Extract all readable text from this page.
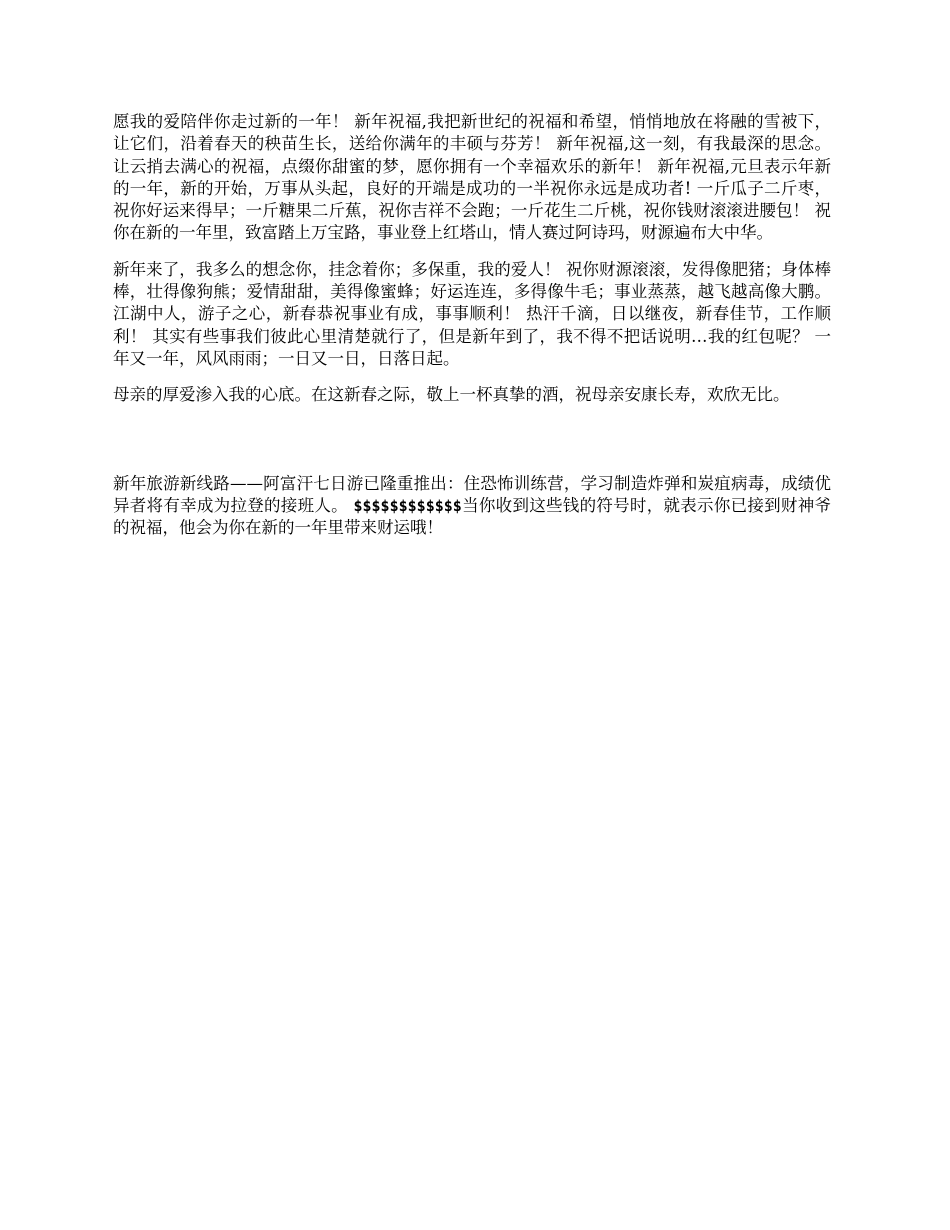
愿我的爱陪伴你走过新的一年！ 新年祝福,我把新世纪的祝福和希望，悄悄地放在将融的雪被下，让它们，沿着春天的秧苗生长，送给你满年的丰硕与芬芳！ 新年祝福,这一刻，有我最深的思念。让云捎去满心的祝福，点缀你甜蜜的梦，愿你拥有一个幸福欢乐的新年！ 新年祝福,元旦表示年新的一年，新的开始，万事从头起，良好的开端是成功的一半祝你永远是成功者! 一斤瓜子二斤枣，祝你好运来得早；一斤糖果二斤蕉，祝你吉祥不会跑；一斤花生二斤桃，祝你钱财滚滚进腰包！ 祝你在新的一年里，致富踏上万宝路，事业登上红塔山，情人赛过阿诗玛，财源遍布大中华。

新年来了，我多么的想念你，挂念着你；多保重，我的爱人！ 祝你财源滚滚，发得像肥猪；身体棒棒，壮得像狗熊；爱情甜甜，美得像蜜蜂；好运连连，多得像牛毛；事业蒸蒸，越飞越高像大鹏。 江湖中人，游子之心，新春恭祝事业有成，事事顺利！ 热汗千滴，日以继夜，新春佳节，工作顺利！ 其实有些事我们彼此心里清楚就行了，但是新年到了，我不得不把话说明…我的红包呢？ 一年又一年，风风雨雨；一日又一日，日落日起。

母亲的厚爱渗入我的心底。在这新春之际，敬上一杯真挚的酒，祝母亲安康长寿，欢欣无比。

新年旅游新线路——阿富汗七日游已隆重推出：住恐怖训练营，学习制造炸弹和炭疽病毒，成绩优异者将有幸成为拉登的接班人。 $$$$$$$$$$$$当你收到这些钱的符号时，就表示你已接到财神爷的祝福，他会为你在新的一年里带来财运哦！
